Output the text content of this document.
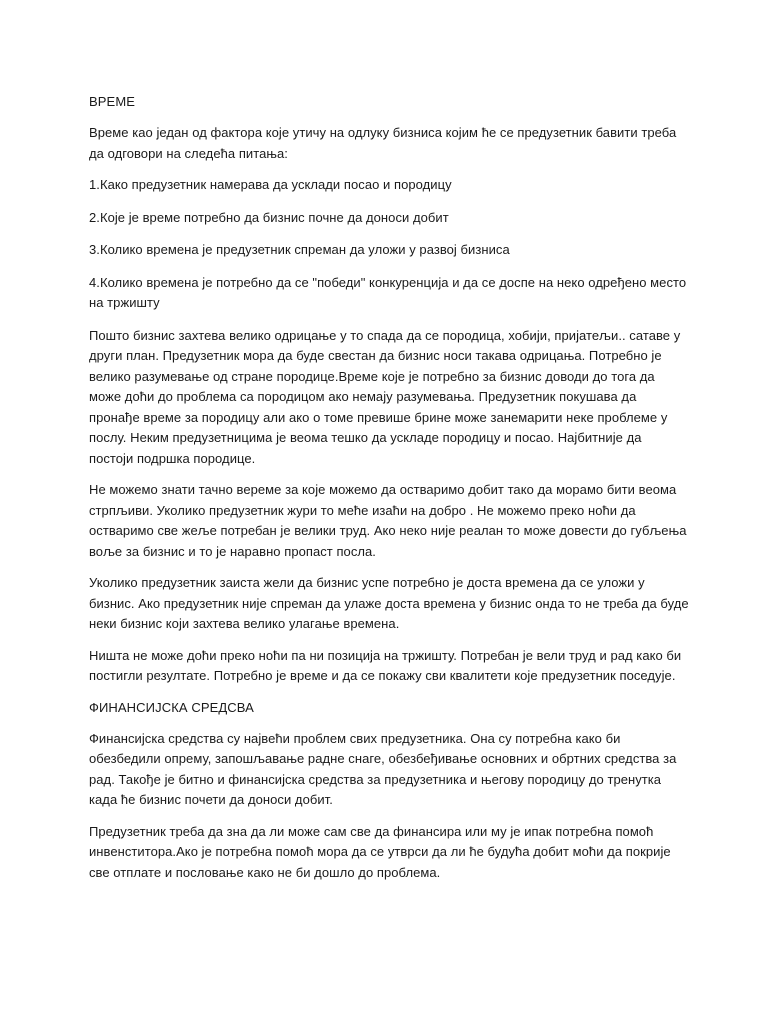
ВРЕМЕ

Време као један од фактора које утичу на одлуку бизниса којим ће се предузетник бавити треба да одговори на следећа питања:

1.Како предузетник намерава да усклади посао и породицу

2.Које је време потребно да бизнис почне да доноси добит

3.Колико времена је предузетник спреман да уложи у развој бизниса

4.Колико времена је потребно да се "победи" конкуренција и да се доспе на неко одређено место на тржишту

Пошто бизнис захтева велико одрицање у то спада да се породица, хобији, пријатељи.. сатаве у други план. Предузетник мора да буде свестан да бизнис носи такава одрицања. Потребно је велико разумевање од стране породице.Време које је потребно за бизнис доводи до тога да може доћи до проблема са породицом ако немају разумевања. Предузетник покушава да пронађе време за породицу али ако о томе превише брине може занемарити неке проблеме у послу. Неким предузетницима је веома тешко да ускладе породицу и посао. Најбитније да постоји подршка породице.

Не можемо знати тачно вереме за које можемо да остваримо добит тако да морамо бити веома стрпљиви. Уколико предузетник жури то мeће изаћи на добро . Не можемо преко ноћи да остваримо све жеље потребан је велики труд. Ако неко није реалан то може довести до губљења воље за бизнис и то је наравно пропаст посла.

Уколико предузетник заиста жели да бизнис успе потребно је доста времена да се уложи у бизнис. Ако предузетник није спреман да улаже доста времена у бизнис онда то не треба да буде неки бизнис који захтева велико улагање времена.

Ништа не може доћи преко ноћи па ни позиција на тржишту. Потребан је вели труд и рад како би постигли резултате. Потребно је време и да се покажу сви квалитети које предузетник поседује.

ФИНАНСИЈСКА СРЕДСВА

Финансијска средства су највећи проблем свих предузетника. Она су потребна како би обезбедили опрему, запошљавање радне снаге, обезбеђивање основних и обртних средства за рад. Такође је битно и финансијска средства за предузетника и његову породицу до тренутка када ће бизнис почети да доноси добит.

Предузетник треба да зна да ли може сам све да финансира или му је ипак потребна помоћ инвенститора.Ако је потребна помоћ мора да се утврси да ли ће будућа добит моћи да покрије све отплате и пословање како не би дошло до проблема.
